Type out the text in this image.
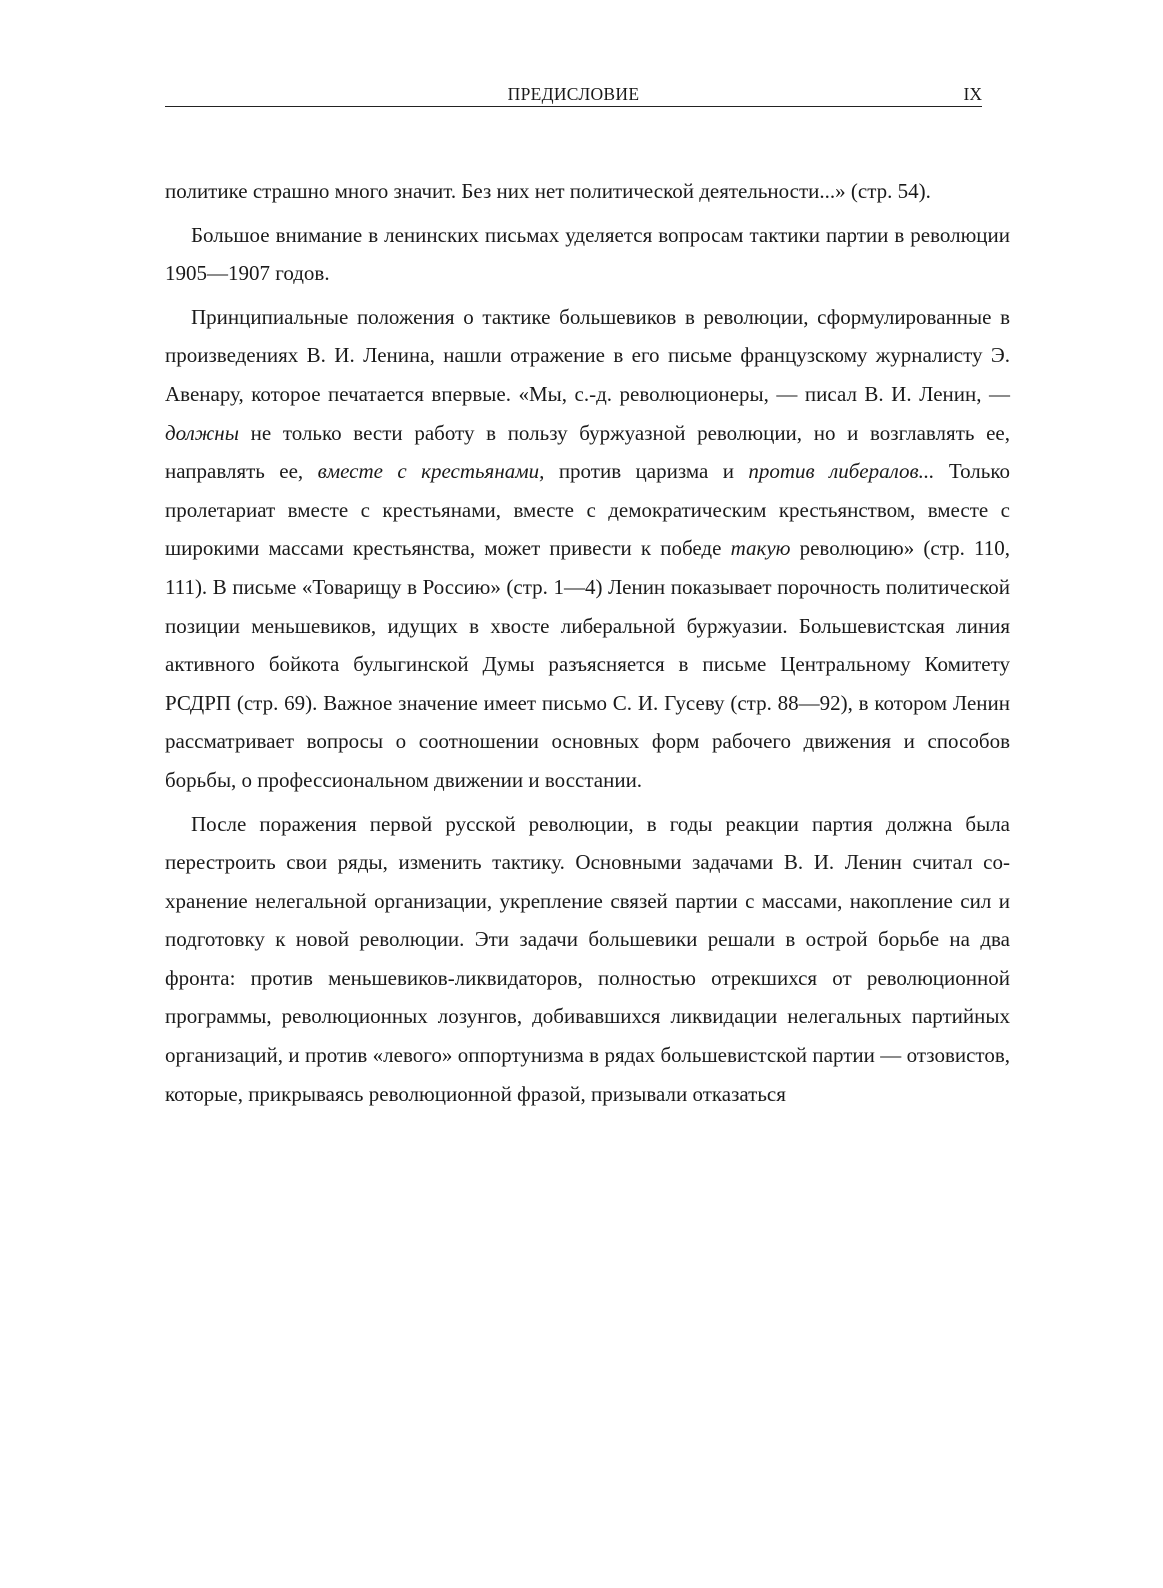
ПРЕДИСЛОВИЕ	IX

политике страшно много значит. Без них нет политической деятельности...» (стр. 54).

Большое внимание в ленинских письмах уделяется вопросам тактики партии в революции 1905—1907 годов.

Принципиальные положения о тактике большевиков в революции, сформулированные в произведениях В. И. Ленина, нашли отражение в его письме французскому журналисту Э. Авенару, которое печатается впервые. «Мы, с.-д. революционеры, — писал В. И. Ленин, — должны не только вести работу в пользу буржуазной революции, но и возглавлять ее, направлять ее, вместе с крестьянами, против царизма и против либералов... Только пролетариат вместе с крестьянами, вместе с демократическим крестьянством, вместе с широкими массами крестьянства, может привести к победе такую революцию» (стр. 110, 111). В письме «Товарищу в Россию» (стр. 1—4) Ленин показывает порочность политической позиции меньшевиков, идущих в хвосте либеральной буржуазии. Большевистская линия активного бойкота булыгинской Думы разъясняется в письме Центральному Комитету РСДРП (стр. 69). Важное значение имеет письмо С. И. Гусеву (стр. 88—92), в котором Ленин рассматривает вопросы о соотношении основных форм рабочего движения и способов борьбы, о профессиональном движении и восстании.

После поражения первой русской революции, в годы реакции партия должна была перестроить свои ряды, изменить тактику. Основными задачами В. И. Ленин считал сохранение нелегальной организации, укрепление связей партии с массами, накопление сил и подготовку к новой революции. Эти задачи большевики решали в острой борьбе на два фронта: против меньшевиков-ликвидаторов, полностью отрекшихся от революционной программы, революционных лозунгов, добивавшихся ликвидации нелегальных партийных организаций, и против «левого» оппортунизма в рядах большевистской партии — отзовистов, которые, прикрываясь революционной фразой, призывали отказаться
